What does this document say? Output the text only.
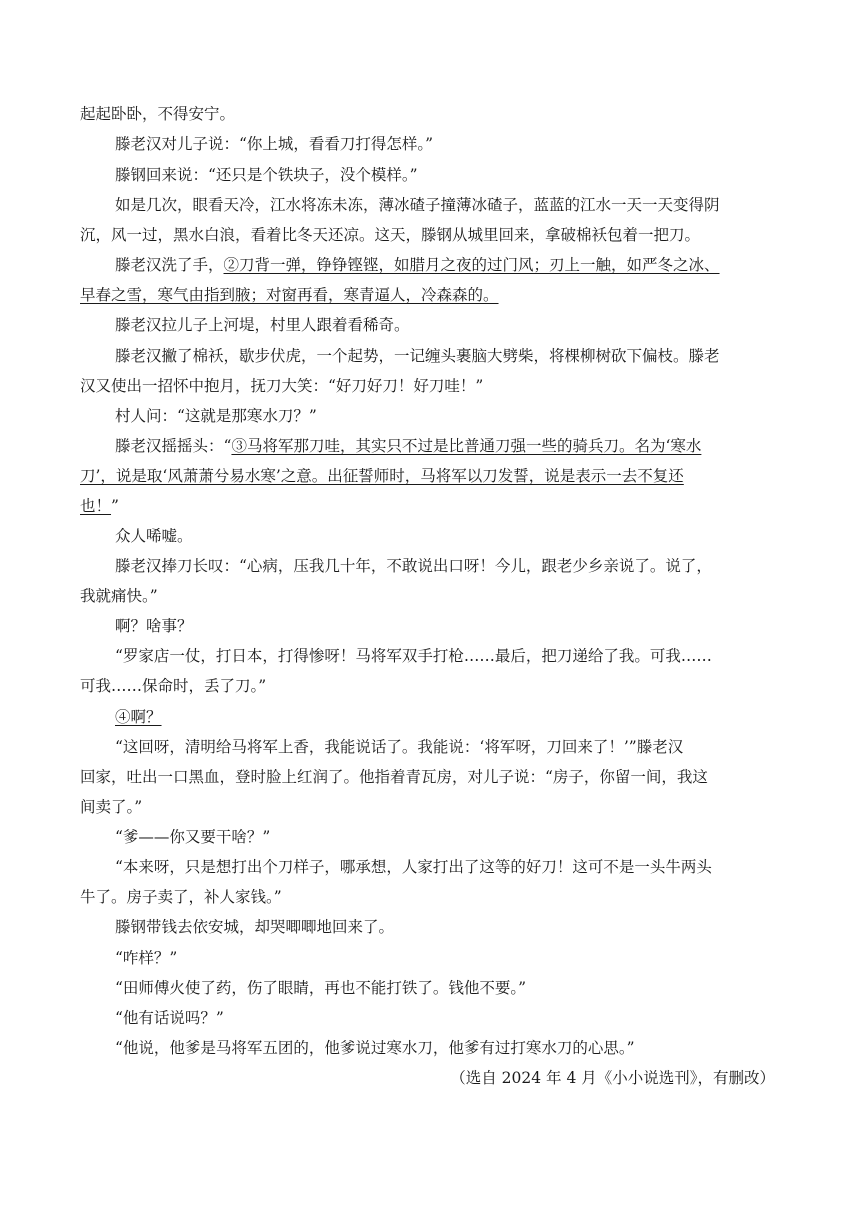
起起卧卧，不得安宁。
滕老汉对儿子说：“你上城，看看刀打得怎样。”
滕钢回来说：“还只是个铁块子，没个模样。”
如是几次，眼看天冷，江水将冻未冻，薄冰碴子撞薄冰碴子，蓝蓝的江水一天一天变得阴
沉，风一过，黑水白浪，看着比冬天还凉。这天，滕钢从城里回来，拿破棉袄包着一把刀。
滕老汉洗了手，②刀背一弹，铮铮铿铿，如腊月之夜的过门风；刃上一触，如严冬之冰、
早春之雪，寒气由指到腋；对窗再看，寒青逼人，冷森森的。
滕老汉拉儿子上河堤，村里人跟着看稀奇。
滕老汉撇了棉袄，歇步伏虎，一个起势，一记缠头裹脑大劈柴，将棵柳树砍下偏枝。滕老
汉又使出一招怀中抱月，抚刀大笑：“好刀好刀！好刀哇！”
村人问：“这就是那寒水刀？”
滕老汉摇摇头：“③马将军那刀哇，其实只不过是比普通刀强一些的骑兵刀。名为‘寒水
刀’，说是取‘风萧萧兮易水寒’之意。出征誓师时，马将军以刀发誓，说是表示一去不复还
也！”
众人唏嘘。
滕老汉捧刀长叹：“心病，压我几十年，不敢说出口呀！今儿，跟老少乡亲说了。说了，
我就痛快。”
啊？啥事？
“罗家店一仗，打日本，打得惨呀！马将军双手打枪……最后，把刀递给了我。可我……
可我……保命时，丢了刀。”
④啊？
“这回呀，清明给马将军上香，我能说话了。我能说：‘将军呀，刀回来了！’”滕老汉
回家，吐出一口黑血，登时脸上红润了。他指着青瓦房，对儿子说：“房子，你留一间，我这
间卖了。”
“爹——你又要干啥？”
“本来呀，只是想打出个刀样子，哪承想，人家打出了这等的好刀！这可不是一头牛两头
牛了。房子卖了，补人家钱。”
滕钢带钱去依安城，却哭唧唧地回来了。
“咋样？”
“田师傅火使了药，伤了眼睛，再也不能打铁了。钱他不要。”
“他有话说吗？”
“他说，他爹是马将军五团的，他爹说过寒水刀，他爹有过打寒水刀的心思。”
（选自 2024 年 4 月《小小说选刊》，有删改）
